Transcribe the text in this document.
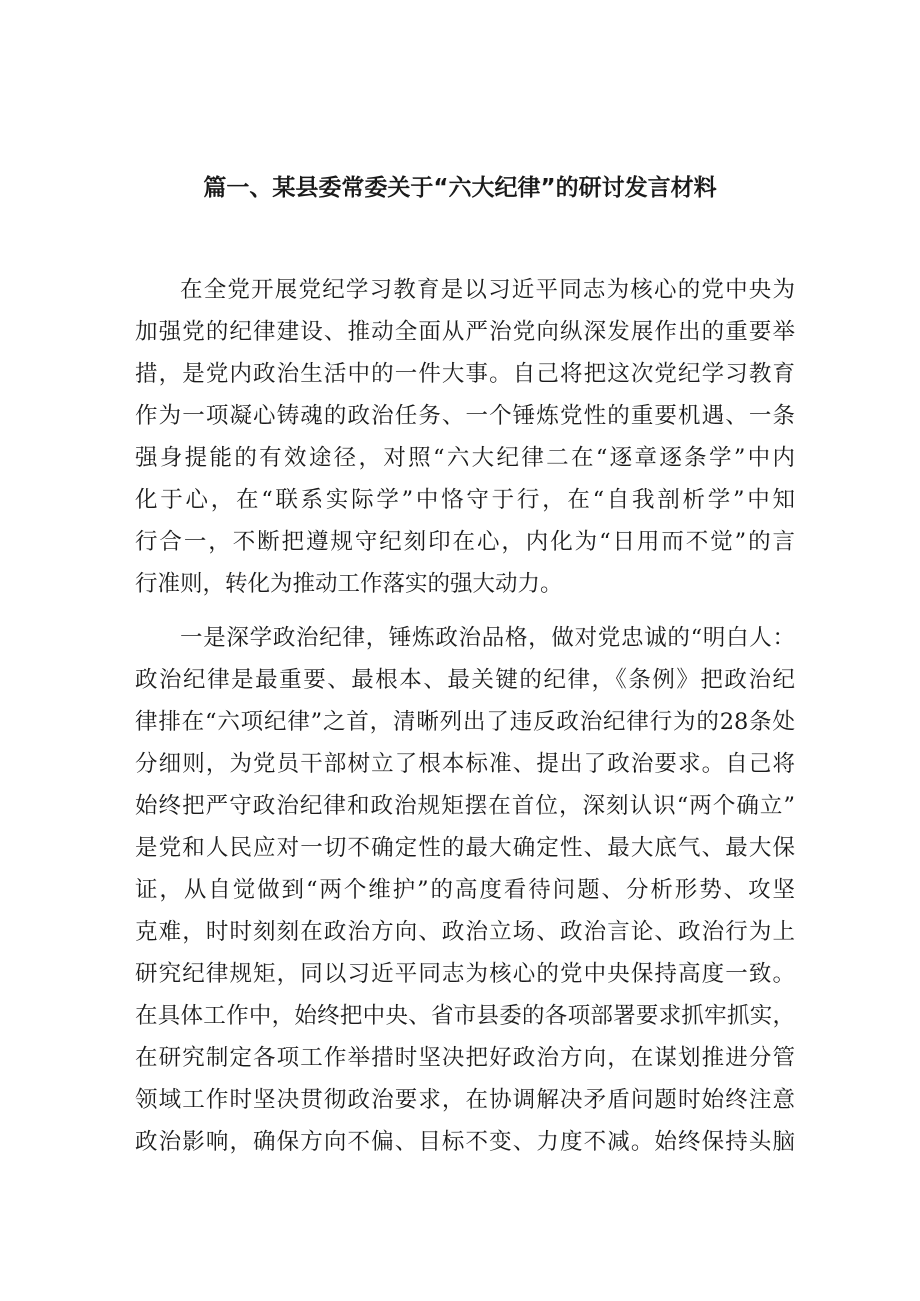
篇一、某县委常委关于“六大纪律”的研讨发言材料
在全党开展党纪学习教育是以习近平同志为核心的党中央为
加强党的纪律建设、推动全面从严治党向纵深发展作出的重要举
措，是党内政治生活中的一件大事。自己将把这次党纪学习教育
作为一项凝心铸魂的政治任务、一个锤炼党性的重要机遇、一条
强身提能的有效途径，对照“六大纪律二在“逐章逐条学”中内
化于心，在“联系实际学”中恪守于行，在“自我剖析学”中知
行合一，不断把遵规守纪刻印在心，内化为“日用而不觉”的言
行准则，转化为推动工作落实的强大动力。
一是深学政治纪律，锤炼政治品格，做对党忠诚的“明白人：
政治纪律是最重要、最根本、最关键的纪律，《条例》把政治纪
律排在“六项纪律”之首，清晰列出了违反政治纪律行为的28条处
分细则，为党员干部树立了根本标准、提出了政治要求。自己将
始终把严守政治纪律和政治规矩摆在首位，深刻认识“两个确立”
是党和人民应对一切不确定性的最大确定性、最大底气、最大保
证，从自觉做到“两个维护”的高度看待问题、分析形势、攻坚
克难，时时刻刻在政治方向、政治立场、政治言论、政治行为上
研究纪律规矩，同以习近平同志为核心的党中央保持高度一致。
在具体工作中，始终把中央、省市县委的各项部署要求抓牢抓实，
在研究制定各项工作举措时坚决把好政治方向，在谋划推进分管
领域工作时坚决贯彻政治要求，在协调解决矛盾问题时始终注意
政治影响，确保方向不偏、目标不变、力度不减。始终保持头脑
